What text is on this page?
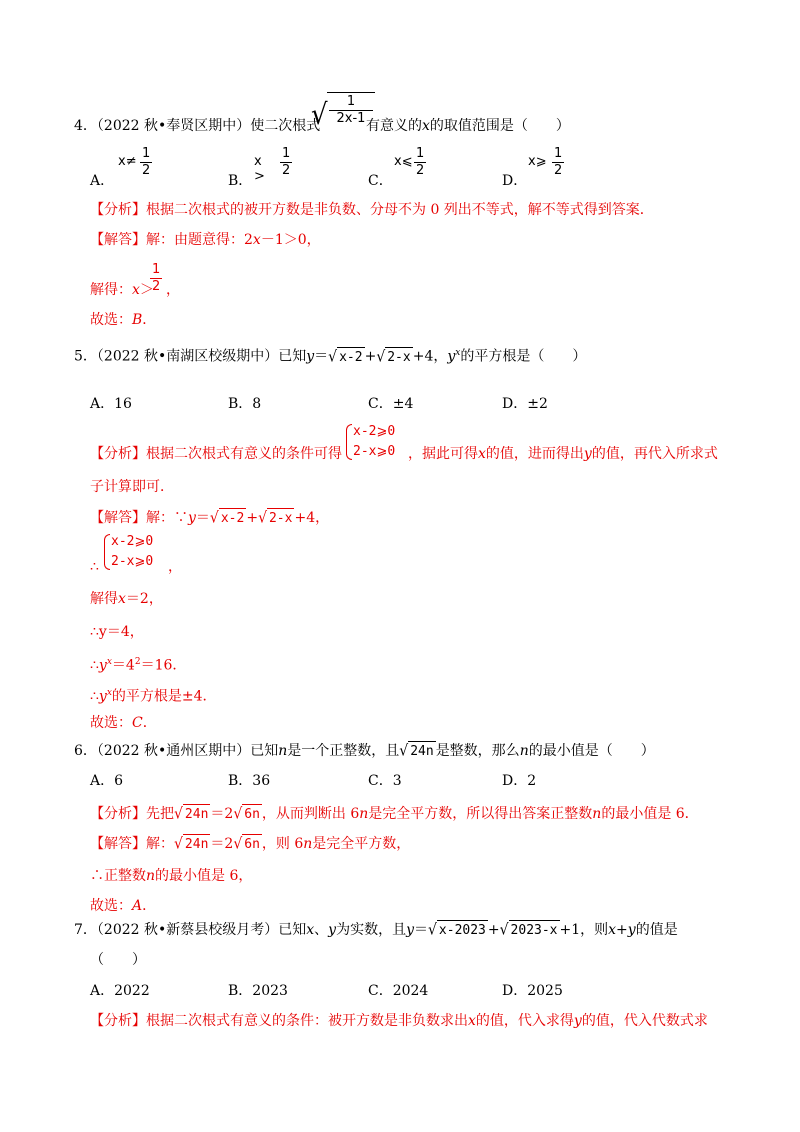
4．（2022 秋•奉贤区期中）使二次根式
√ $\frac{1}{2x-1}$
有意义的x的取值范围是（　　）
A．
$x\ne \frac{1}{2}$
B．
$x > \frac{1}{2}$
C．
x⩽ $\frac{1}{2}$
D．
x⩾ $\frac{1}{2}$
【分析】根据二次根式的被开方数是非负数、分母不为 0 列出不等式，解不等式得到答案．
【解答】解：由题意得：2x－1＞0，
解得：x＞
$\frac{1}{2}$ ，
故选：B．
5．（2022 秋•南湖区校级期中）已知y＝√ x-2 +√ 2-x +4，$y^x$的平方根是（　　）
A．16	B．8	C．±4	D．±2
【分析】根据二次根式有意义的条件可得
x-2⩾0
2-x⩾0 ，据此可得x的值，进而得出y的值，再代入所求式
子计算即可．
【解答】解：∵y＝√ x-2 +√ 2-x +4，
∴
x-2⩾0
2-x⩾0 ，
解得x＝2，
∴y＝4，
$\therefore y^x=4^2=16$．
$\therefore y^x$的平方根是±4．
故选：C．
6．（2022 秋•通州区期中）已知n是一个正整数，且√ 24n 是整数，那么n的最小值是（　　）
A．6	B．36	C．3	D．2
【分析】先把√ 24n ＝2√ 6n ，从而判断出 6n是完全平方数，所以得出答案正整数n的最小值是 6．
【解答】解：√ 24n ＝2√ 6n ，则 6n是完全平方数，
∴正整数n的最小值是 6，
故选：A．
7．（2022 秋•新蔡县校级月考）已知x、y为实数，且y＝√ x-2023 +√ 2023-x +1，则x+y的值是
（　　）
A．2022	B．2023	C．2024	D．2025
【分析】根据二次根式有意义的条件：被开方数是非负数求出x的值，代入求得y的值，代入代数式求
